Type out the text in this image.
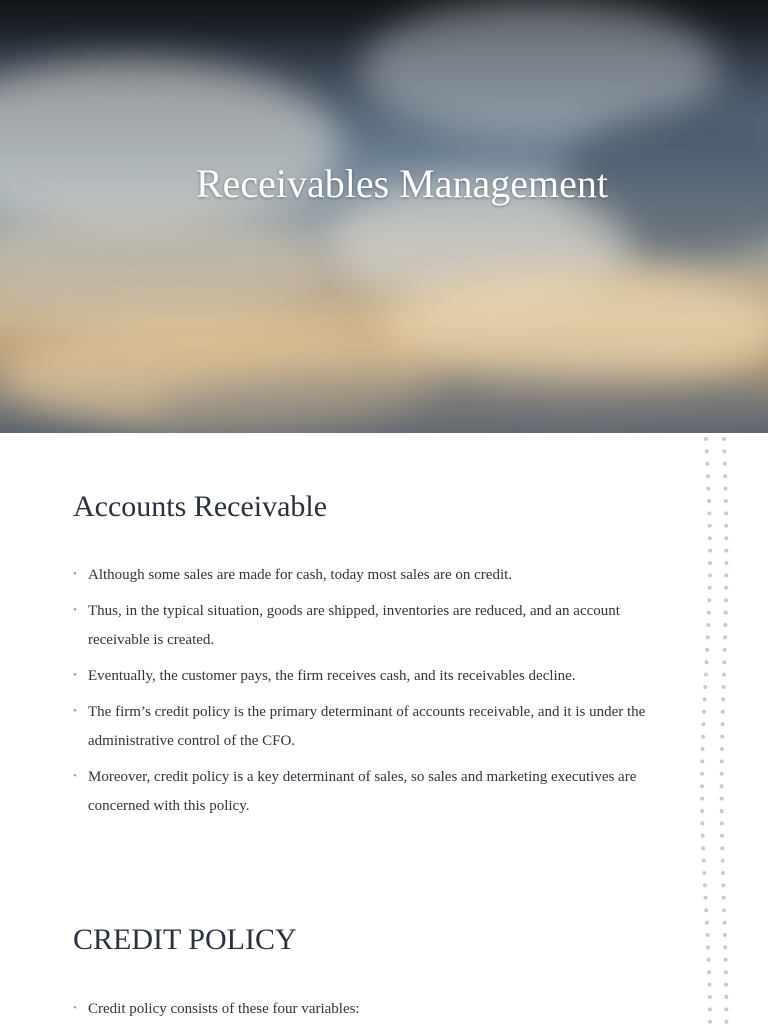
Receivables Management
Accounts Receivable
• Although some sales are made for cash, today most sales are on credit.
• Thus, in the typical situation, goods are shipped, inventories are reduced, and an account receivable is created.
• Eventually, the customer pays, the firm receives cash, and its receivables decline.
• The firm’s credit policy is the primary determinant of accounts receivable, and it is under the administrative control of the CFO.
• Moreover, credit policy is a key determinant of sales, so sales and marketing executives are concerned with this policy.
CREDIT POLICY
• Credit policy consists of these four variables:
